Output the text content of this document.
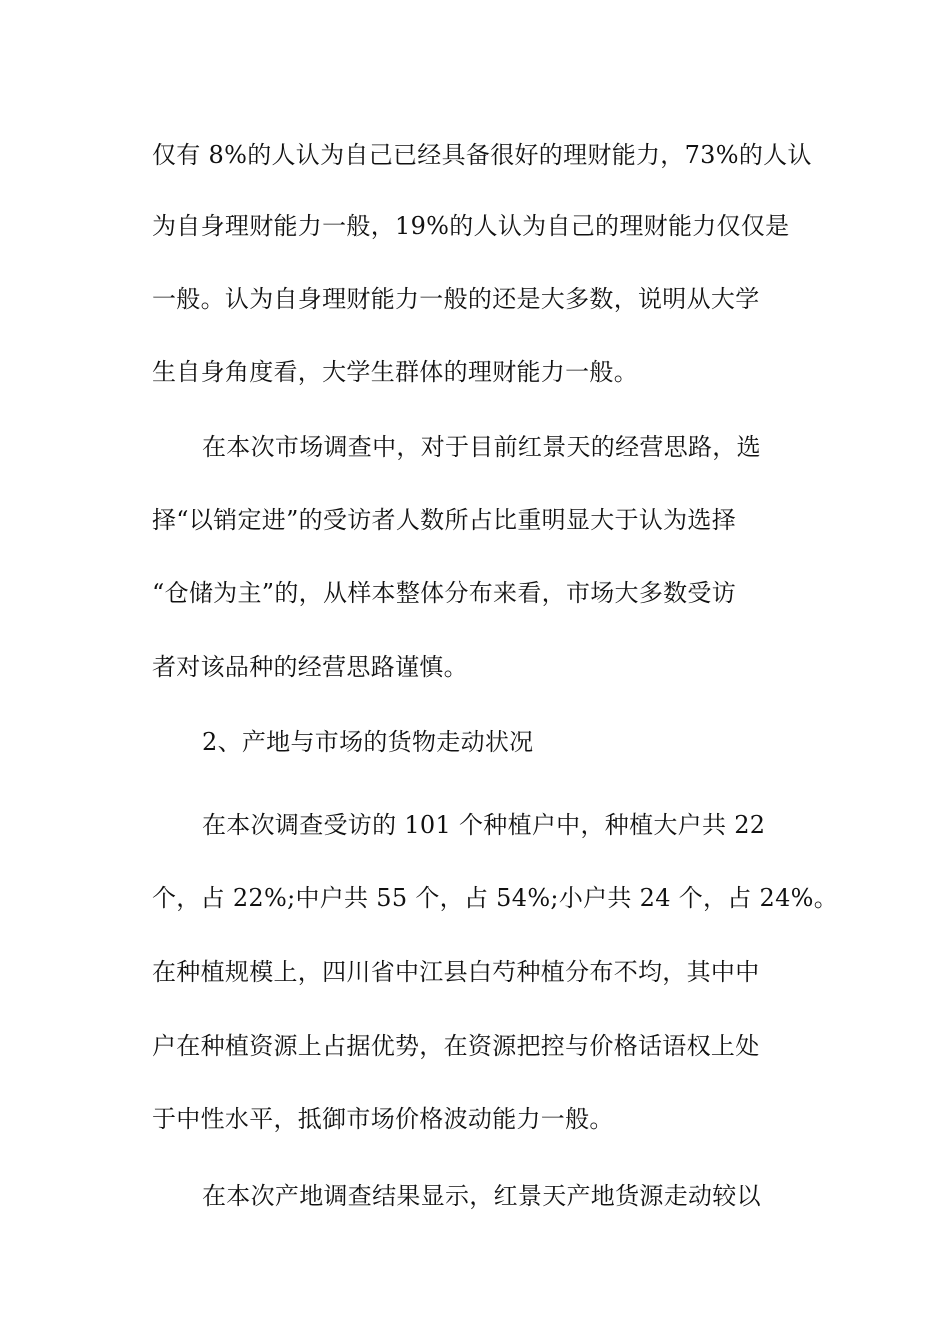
仅有 8%的人认为自己已经具备很好的理财能力，73%的人认
为自身理财能力一般，19%的人认为自己的理财能力仅仅是
一般。认为自身理财能力一般的还是大多数，说明从大学
生自身角度看，大学生群体的理财能力一般。
在本次市场调查中，对于目前红景天的经营思路，选
择“以销定进”的受访者人数所占比重明显大于认为选择
“仓储为主”的，从样本整体分布来看，市场大多数受访
者对该品种的经营思路谨慎。
2、产地与市场的货物走动状况
在本次调查受访的 101 个种植户中，种植大户共 22
个，占 22%;中户共 55 个，占 54%;小户共 24 个，占 24%。
在种植规模上，四川省中江县白芍种植分布不均，其中中
户在种植资源上占据优势，在资源把控与价格话语权上处
于中性水平，抵御市场价格波动能力一般。
在本次产地调查结果显示，红景天产地货源走动较以
